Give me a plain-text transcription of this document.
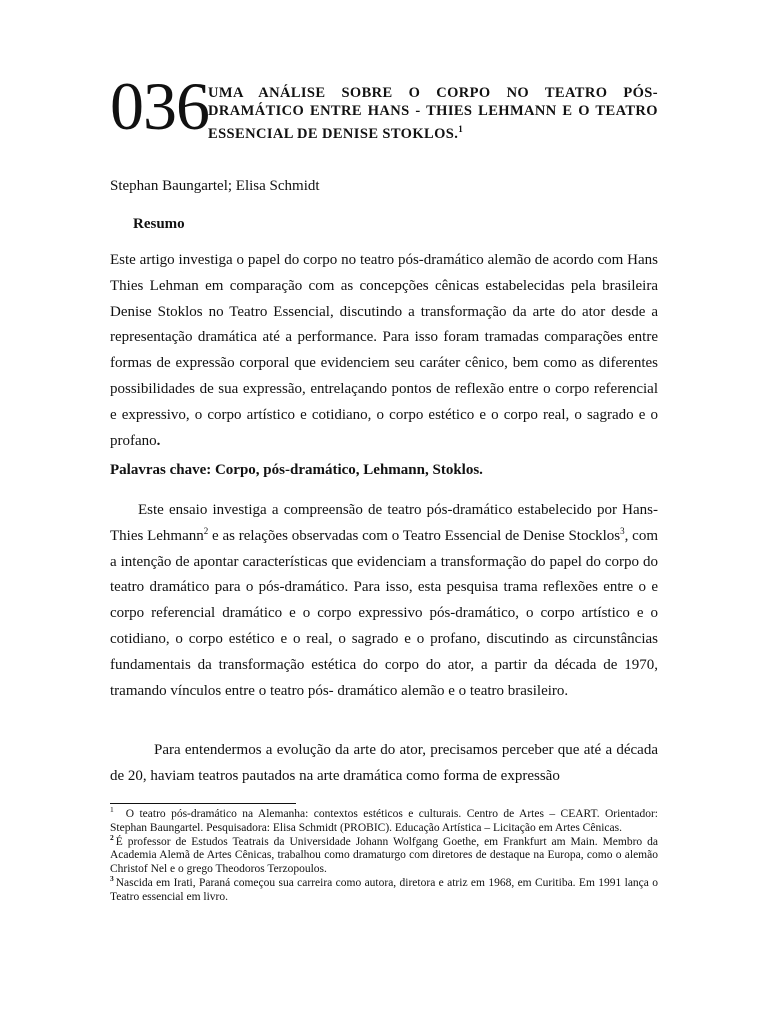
036 UMA ANÁLISE SOBRE O CORPO NO TEATRO PÓS-DRAMÁTICO ENTRE HANS - THIES LEHMANN E O TEATRO ESSENCIAL DE DENISE STOKLOS.$^1$
Stephan Baungartel; Elisa Schmidt
Resumo

Este artigo investiga o papel do corpo no teatro pós-dramático alemão de acordo com Hans Thies Lehman em comparação com as concepções cênicas estabelecidas pela brasileira Denise Stoklos no Teatro Essencial, discutindo a transformação da arte do ator desde a representação dramática até a performance. Para isso foram tramadas comparações entre formas de expressão corporal que evidenciem seu caráter cênico, bem como as diferentes possibilidades de sua expressão, entrelaçando pontos de reflexão entre o corpo referencial e expressivo, o corpo artístico e cotidiano, o corpo estético e o corpo real, o sagrado e o profano.

Palavras chave: Corpo, pós-dramático, Lehmann, Stoklos.

Este ensaio investiga a compreensão de teatro pós-dramático estabelecido por Hans-Thies Lehmann$^2$ e as relações observadas com o Teatro Essencial de Denise Stocklos$^3$, com a intenção de apontar características que evidenciam a transformação do papel do corpo do teatro dramático para o pós-dramático. Para isso, esta pesquisa trama reflexões entre o e corpo referencial dramático e o corpo expressivo pós-dramático, o corpo artístico e o cotidiano, o corpo estético e o real, o sagrado e o profano, discutindo as circunstâncias fundamentais da transformação estética do corpo do ator, a partir da década de 1970, tramando vínculos entre o teatro pós- dramático alemão e o teatro brasileiro.

Para entendermos a evolução da arte do ator, precisamos perceber que até a década de 20, haviam teatros pautados na arte dramática como forma de expressão

$^1$ O teatro pós-dramático na Alemanha: contextos estéticos e culturais. Centro de Artes – CEART. Orientador: Stephan Baungartel. Pesquisadora: Elisa Schmidt (PROBIC). Educação Artística – Licitação em Artes Cênicas.

$^2$ É professor de Estudos Teatrais da Universidade Johann Wolfgang Goethe, em Frankfurt am Main. Membro da Academia Alemã de Artes Cênicas, trabalhou como dramaturgo com diretores de destaque na Europa, como o alemão Christof Nel e o grego Theodoros Terzopoulos.

$^3$ Nascida em Irati, Paraná começou sua carreira como autora, diretora e atriz em 1968, em Curitiba. Em 1991 lança o Teatro essencial em livro.
